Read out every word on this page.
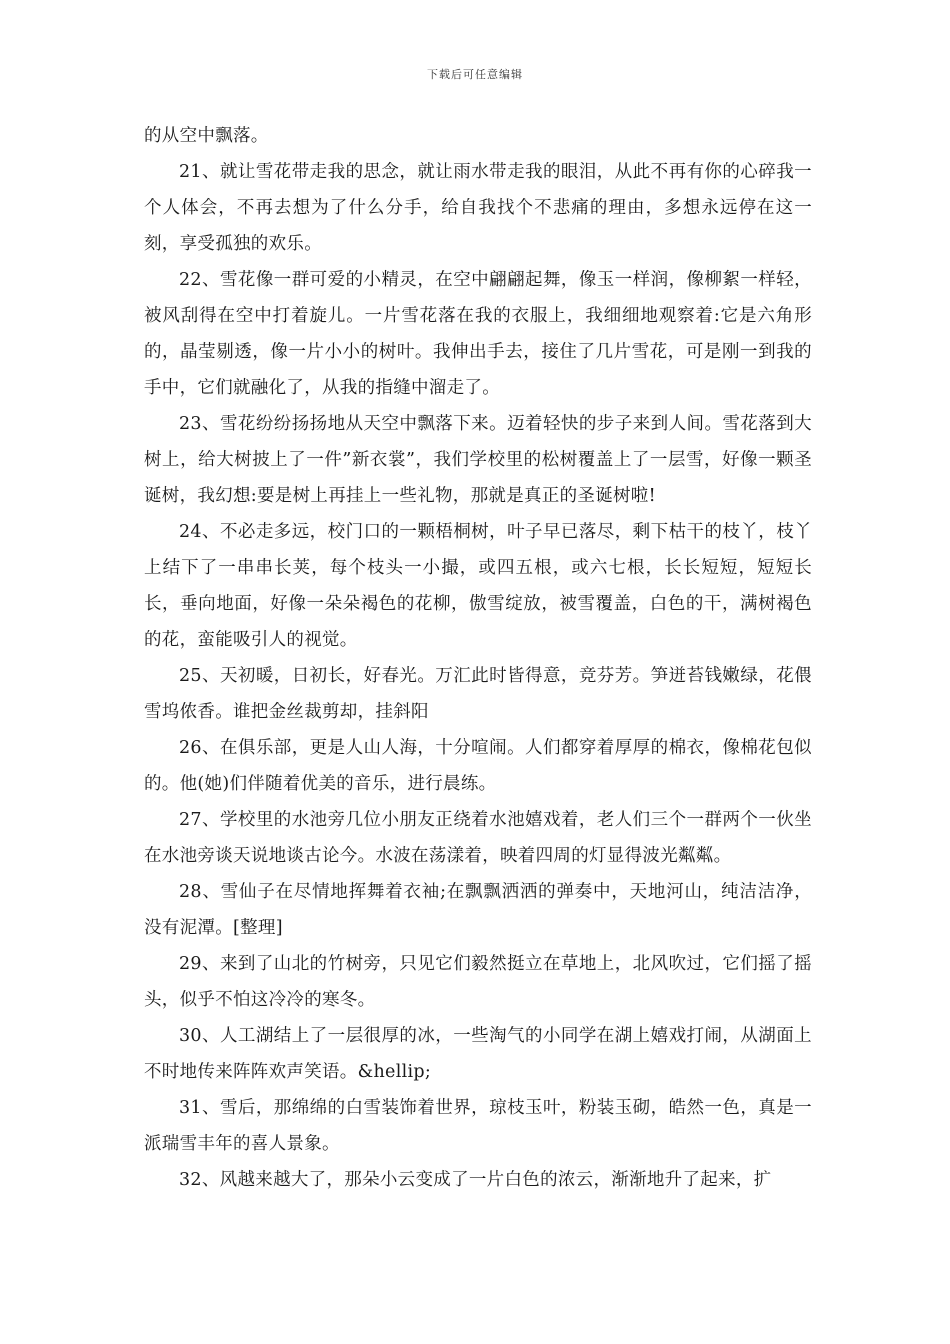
下载后可任意编辑

的从空中飘落。

21、就让雪花带走我的思念，就让雨水带走我的眼泪，从此不再有你的心碎我一个人体会，不再去想为了什么分手，给自我找个不悲痛的理由，多想永远停在这一刻，享受孤独的欢乐。

22、雪花像一群可爱的小精灵，在空中翩翩起舞，像玉一样润，像柳絮一样轻，被风刮得在空中打着旋儿。一片雪花落在我的衣服上，我细细地观察着:它是六角形的，晶莹剔透，像一片小小的树叶。我伸出手去，接住了几片雪花，可是刚一到我的手中，它们就融化了，从我的指缝中溜走了。

23、雪花纷纷扬扬地从天空中飘落下来。迈着轻快的步子来到人间。雪花落到大树上，给大树披上了一件”新衣裳”，我们学校里的松树覆盖上了一层雪，好像一颗圣诞树，我幻想:要是树上再挂上一些礼物，那就是真正的圣诞树啦!

24、不必走多远，校门口的一颗梧桐树，叶子早已落尽，剩下枯干的枝丫，枝丫上结下了一串串长荚，每个枝头一小撮，或四五根，或六七根，长长短短，短短长长，垂向地面，好像一朵朵褐色的花柳，傲雪绽放，被雪覆盖，白色的干，满树褐色的花，蛮能吸引人的视觉。

25、天初暖，日初长，好春光。万汇此时皆得意，竞芬芳。笋迸苔钱嫩绿，花偎雪坞侬香。谁把金丝裁剪却，挂斜阳

26、在俱乐部，更是人山人海，十分喧闹。人们都穿着厚厚的棉衣，像棉花包似的。他(她)们伴随着优美的音乐，进行晨练。

27、学校里的水池旁几位小朋友正绕着水池嬉戏着，老人们三个一群两个一伙坐在水池旁谈天说地谈古论今。水波在荡漾着，映着四周的灯显得波光粼粼。

28、雪仙子在尽情地挥舞着衣袖;在飘飘洒洒的弹奏中，天地河山，纯洁洁净，没有泥潭。[整理]

29、来到了山北的竹树旁，只见它们毅然挺立在草地上，北风吹过，它们摇了摇头，似乎不怕这冷冷的寒冬。

30、人工湖结上了一层很厚的冰，一些淘气的小同学在湖上嬉戏打闹，从湖面上不时地传来阵阵欢声笑语。&hellip;

31、雪后，那绵绵的白雪装饰着世界，琼枝玉叶，粉装玉砌，皓然一色，真是一派瑞雪丰年的喜人景象。

32、风越来越大了，那朵小云变成了一片白色的浓云，渐渐地升了起来，扩
